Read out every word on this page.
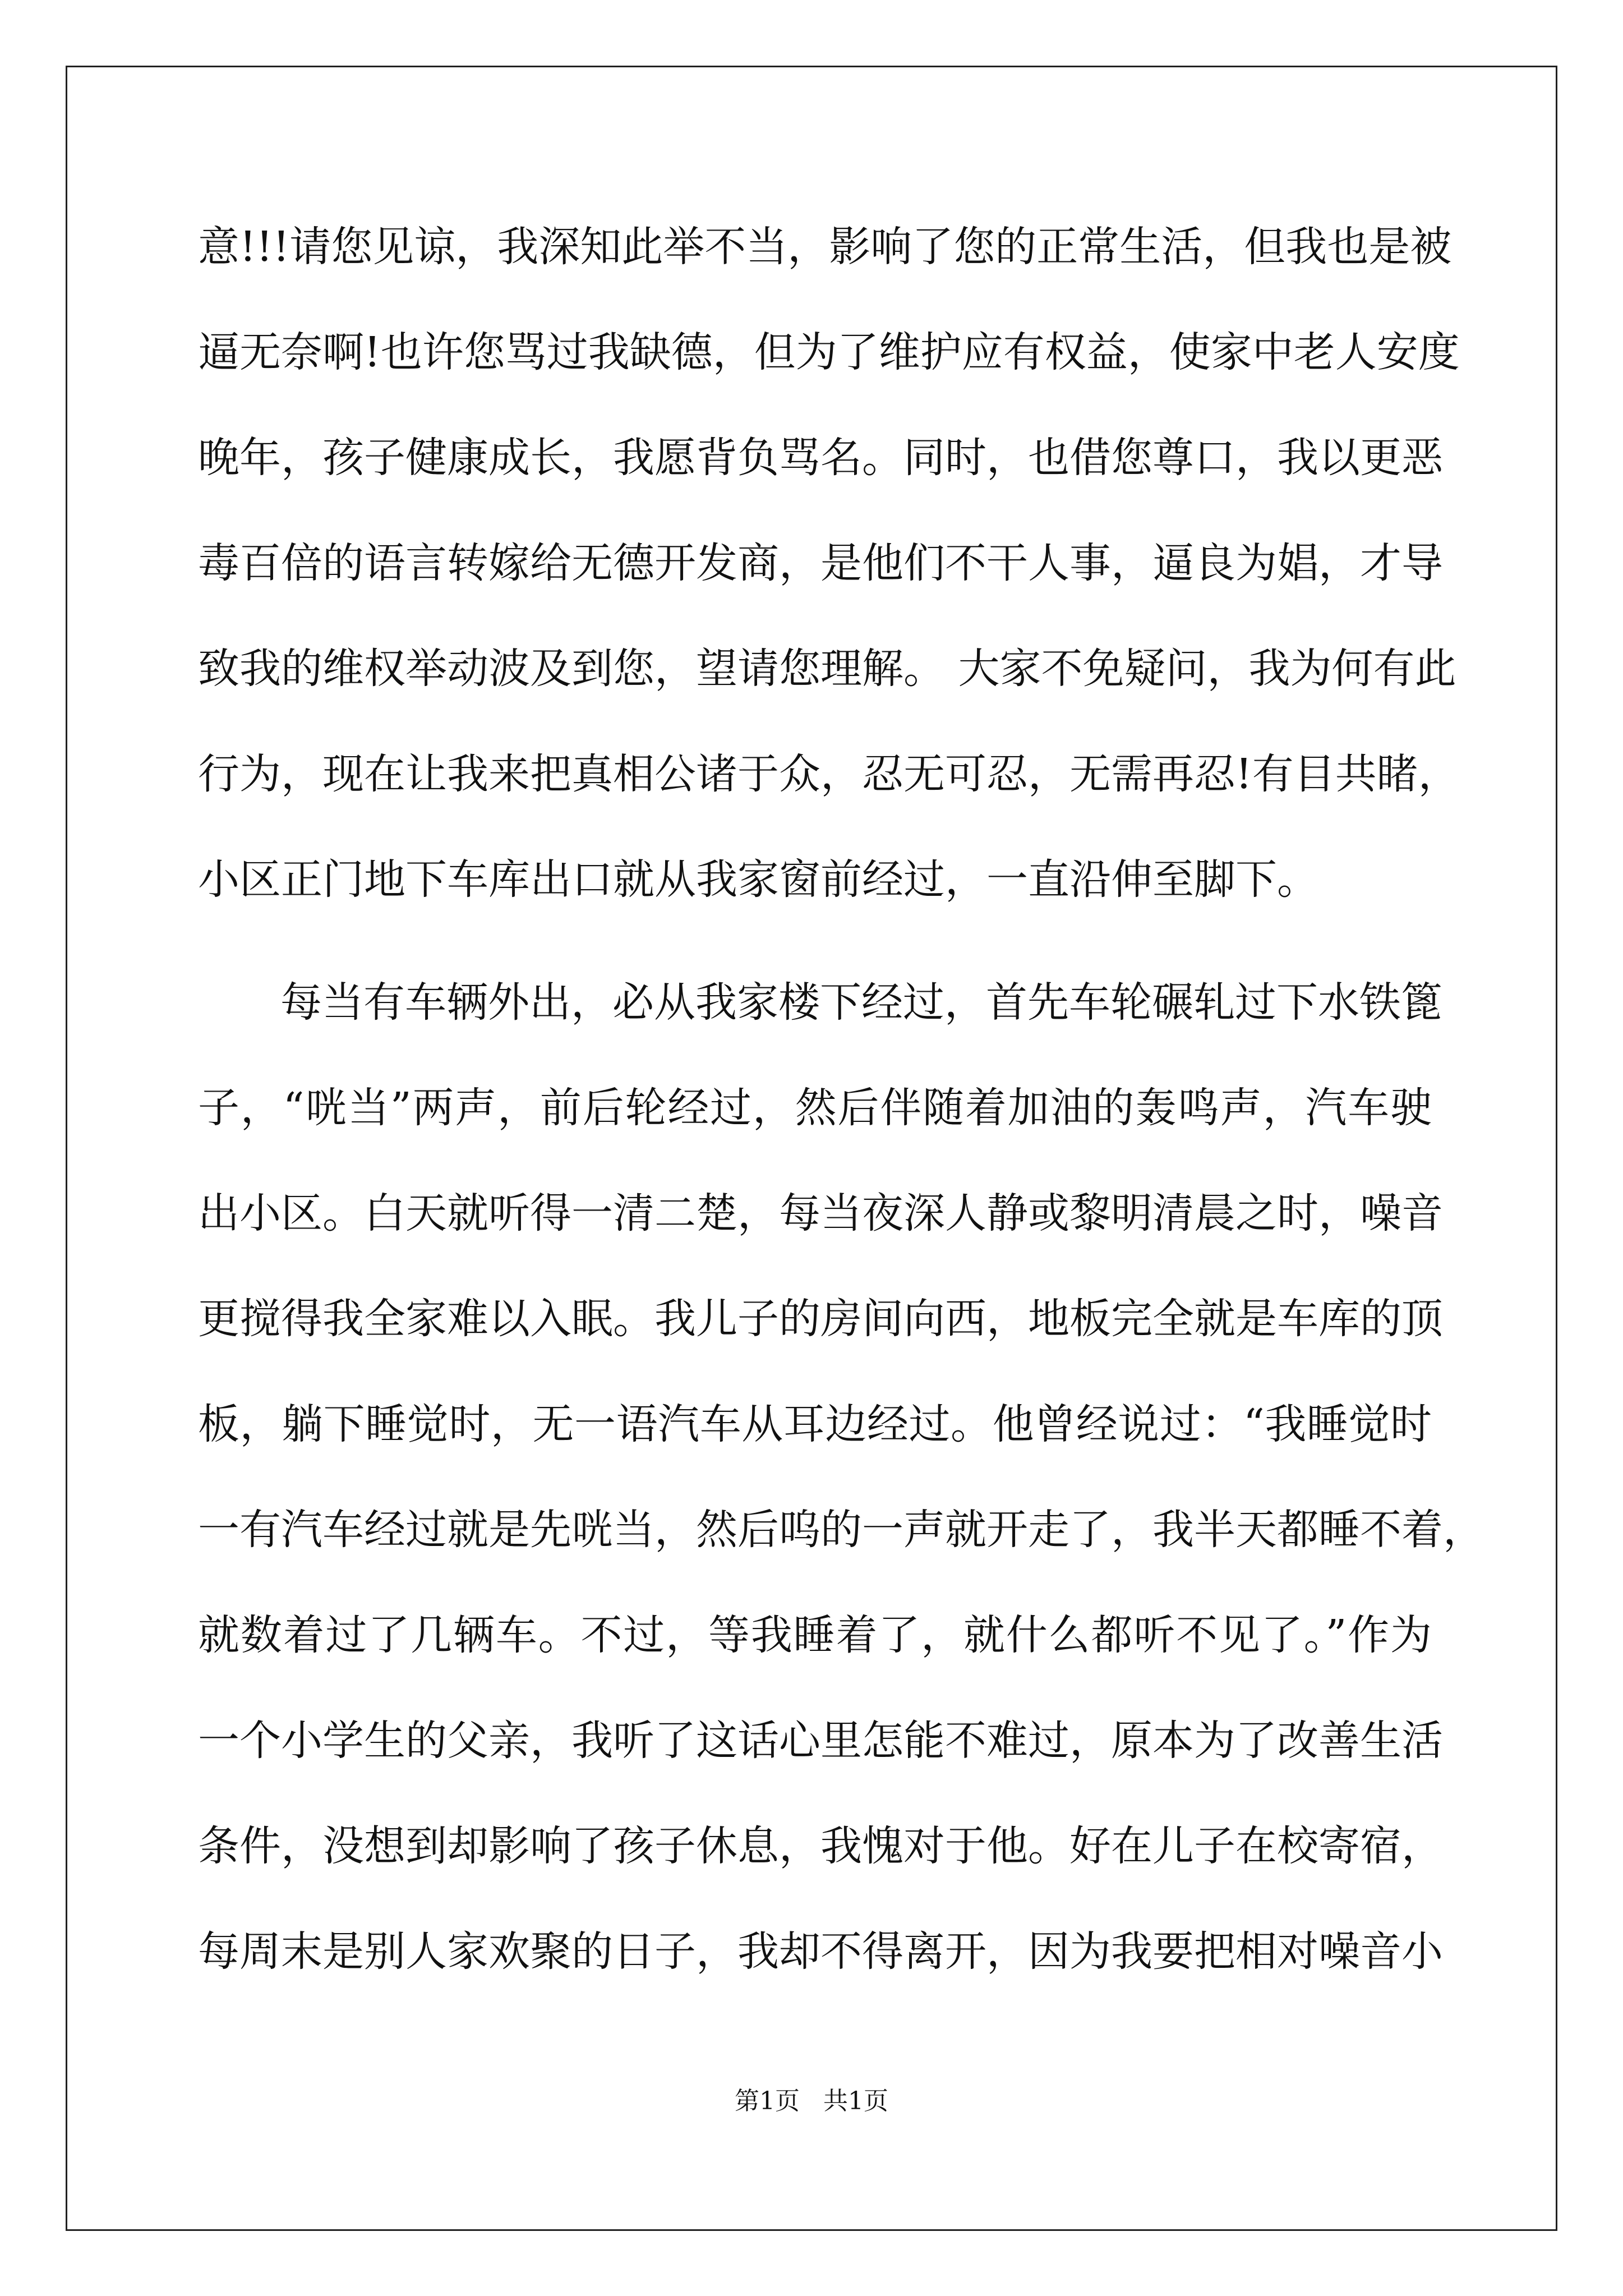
意!!!请您见谅，我深知此举不当，影响了您的正常生活，但我也是被
逼无奈啊!也许您骂过我缺德，但为了维护应有权益，使家中老人安度
晚年，孩子健康成长，我愿背负骂名。同时，也借您尊口，我以更恶
毒百倍的语言转嫁给无德开发商，是他们不干人事，逼良为娼，才导
致我的维权举动波及到您，望请您理解。 大家不免疑问，我为何有此
行为，现在让我来把真相公诸于众，忍无可忍，无需再忍!有目共睹，
小区正门地下车库出口就从我家窗前经过，一直沿伸至脚下。
每当有车辆外出，必从我家楼下经过，首先车轮碾轧过下水铁篦
子，“咣当”两声，前后轮经过，然后伴随着加油的轰鸣声，汽车驶
出小区。白天就听得一清二楚，每当夜深人静或黎明清晨之时，噪音
更搅得我全家难以入眠。我儿子的房间向西，地板完全就是车库的顶
板，躺下睡觉时，无一语汽车从耳边经过。他曾经说过：“我睡觉时
一有汽车经过就是先咣当，然后呜的一声就开走了，我半天都睡不着，
就数着过了几辆车。不过，等我睡着了，就什么都听不见了。”作为
一个小学生的父亲，我听了这话心里怎能不难过，原本为了改善生活
条件，没想到却影响了孩子休息，我愧对于他。好在儿子在校寄宿，
每周末是别人家欢聚的日子，我却不得离开，因为我要把相对噪音小
第1页   共1页
